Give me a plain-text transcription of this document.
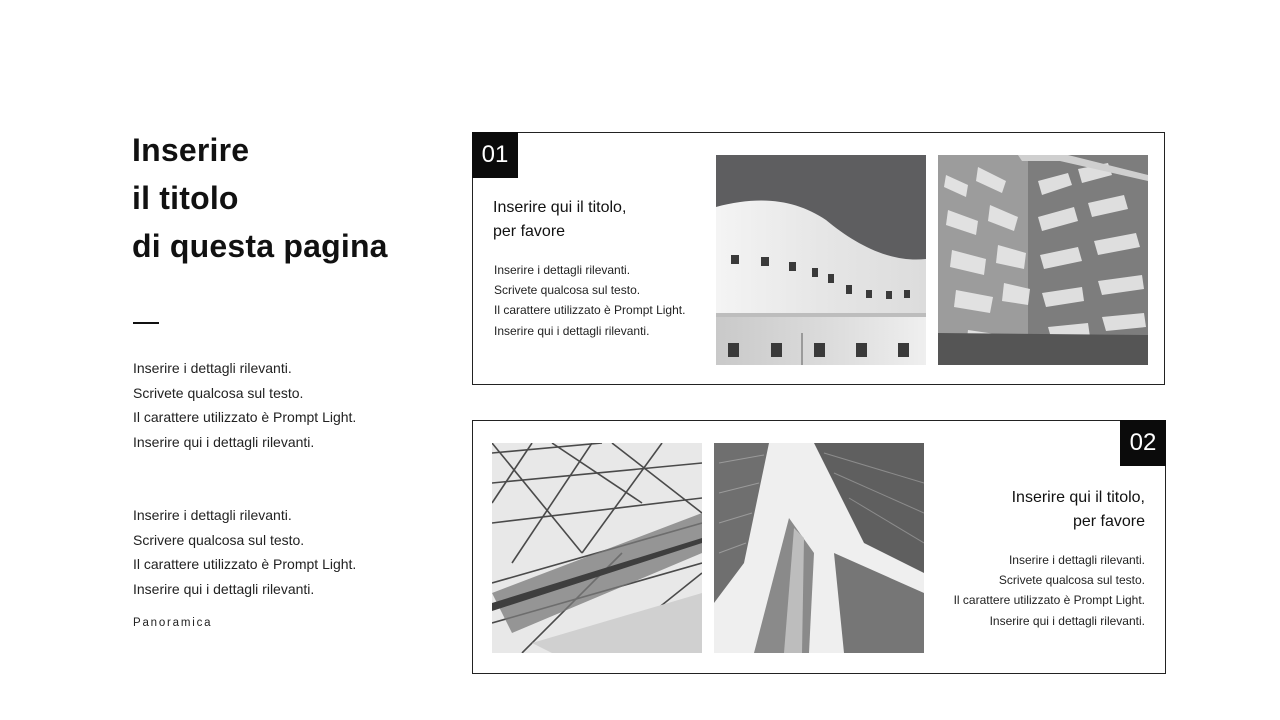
Inserire
il titolo
di questa pagina
Inserire i dettagli rilevanti.
Scrivete qualcosa sul testo.
Il carattere utilizzato è Prompt Light.
Inserire qui i dettagli rilevanti.
Inserire i dettagli rilevanti.
Scrivere qualcosa sul testo.
Il carattere utilizzato è Prompt Light.
Inserire qui i dettagli rilevanti.
Panoramica
01
Inserire qui il titolo,
per favore
Inserire i dettagli rilevanti.
Scrivete qualcosa sul testo.
Il carattere utilizzato è Prompt Light.
Inserire qui i dettagli rilevanti.
02
Inserire qui il titolo,
per favore
Inserire i dettagli rilevanti.
Scrivete qualcosa sul testo.
Il carattere utilizzato è Prompt Light.
Inserire qui i dettagli rilevanti.
